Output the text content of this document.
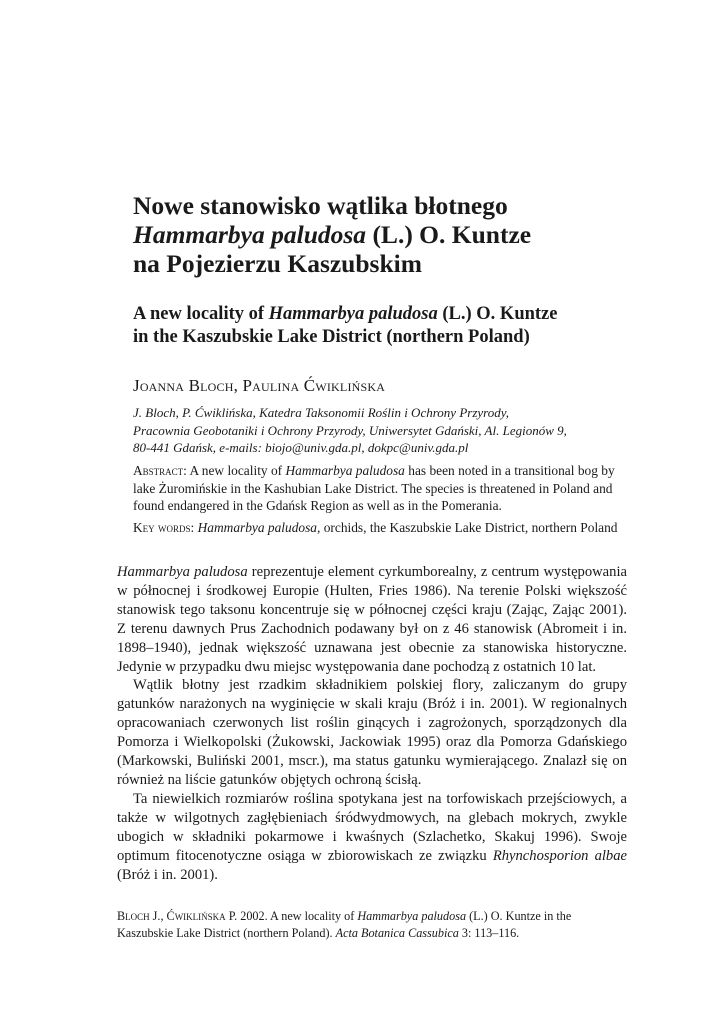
Nowe stanowisko wątlika błotnego
Hammarbya paludosa (L.) O. Kuntze
na Pojezierzu Kaszubskim
A new locality of Hammarbya paludosa (L.) O. Kuntze
in the Kaszubskie Lake District (northern Poland)
Joanna Bloch, Paulina Ćwiklińska
J. Bloch, P. Ćwiklińska, Katedra Taksonomii Roślin i Ochrony Przyrody,
Pracownia Geobotaniki i Ochrony Przyrody, Uniwersytet Gdański, Al. Legionów 9,
80-441 Gdańsk, e-mails: biojo@univ.gda.pl, dokpc@univ.gda.pl
Abstract: A new locality of Hammarbya paludosa has been noted in a transitional bog by lake Żuromińskie in the Kashubian Lake District. The species is threatened in Poland and found endangered in the Gdańsk Region as well as in the Pomerania.
Key words: Hammarbya paludosa, orchids, the Kaszubskie Lake District, northern Poland

Hammarbya paludosa reprezentuje element cyrkumborealny, z centrum występowania w północnej i środkowej Europie (Hulten, Fries 1986). Na terenie Polski większość stanowisk tego taksonu koncentruje się w północnej części kraju (Zając, Zając 2001). Z terenu dawnych Prus Zachodnich podawany był on z 46 stanowisk (Abromeit i in. 1898–1940), jednak większość uznawana jest obecnie za stanowiska historyczne. Jedynie w przypadku dwu miejsc występowania dane pochodzą z ostatnich 10 lat.

Wątlik błotny jest rzadkim składnikiem polskiej flory, zaliczanym do grupy gatunków narażonych na wyginięcie w skali kraju (Bróż i in. 2001). W regionalnych opracowaniach czerwonych list roślin ginących i zagrożonych, sporządzonych dla Pomorza i Wielkopolski (Żukowski, Jackowiak 1995) oraz dla Pomorza Gdańskiego (Markowski, Buliński 2001, mscr.), ma status gatunku wymierającego. Znalazł się on również na liście gatunków objętych ochroną ścisłą.

Ta niewielkich rozmiarów roślina spotykana jest na torfowiskach przejściowych, a także w wilgotnych zagłębieniach śródwydmowych, na glebach mokrych, zwykle ubogich w składniki pokarmowe i kwaśnych (Szlachetko, Skakuj 1996). Swoje optimum fitocenotyczne osiąga w zbiorowiskach ze związku Rhynchosporion albae (Bróż i in. 2001).

Bloch J., Ćwiklińska P. 2002. A new locality of Hammarbya paludosa (L.) O. Kuntze in the Kaszubskie Lake District (northern Poland). Acta Botanica Cassubica 3: 113–116.
